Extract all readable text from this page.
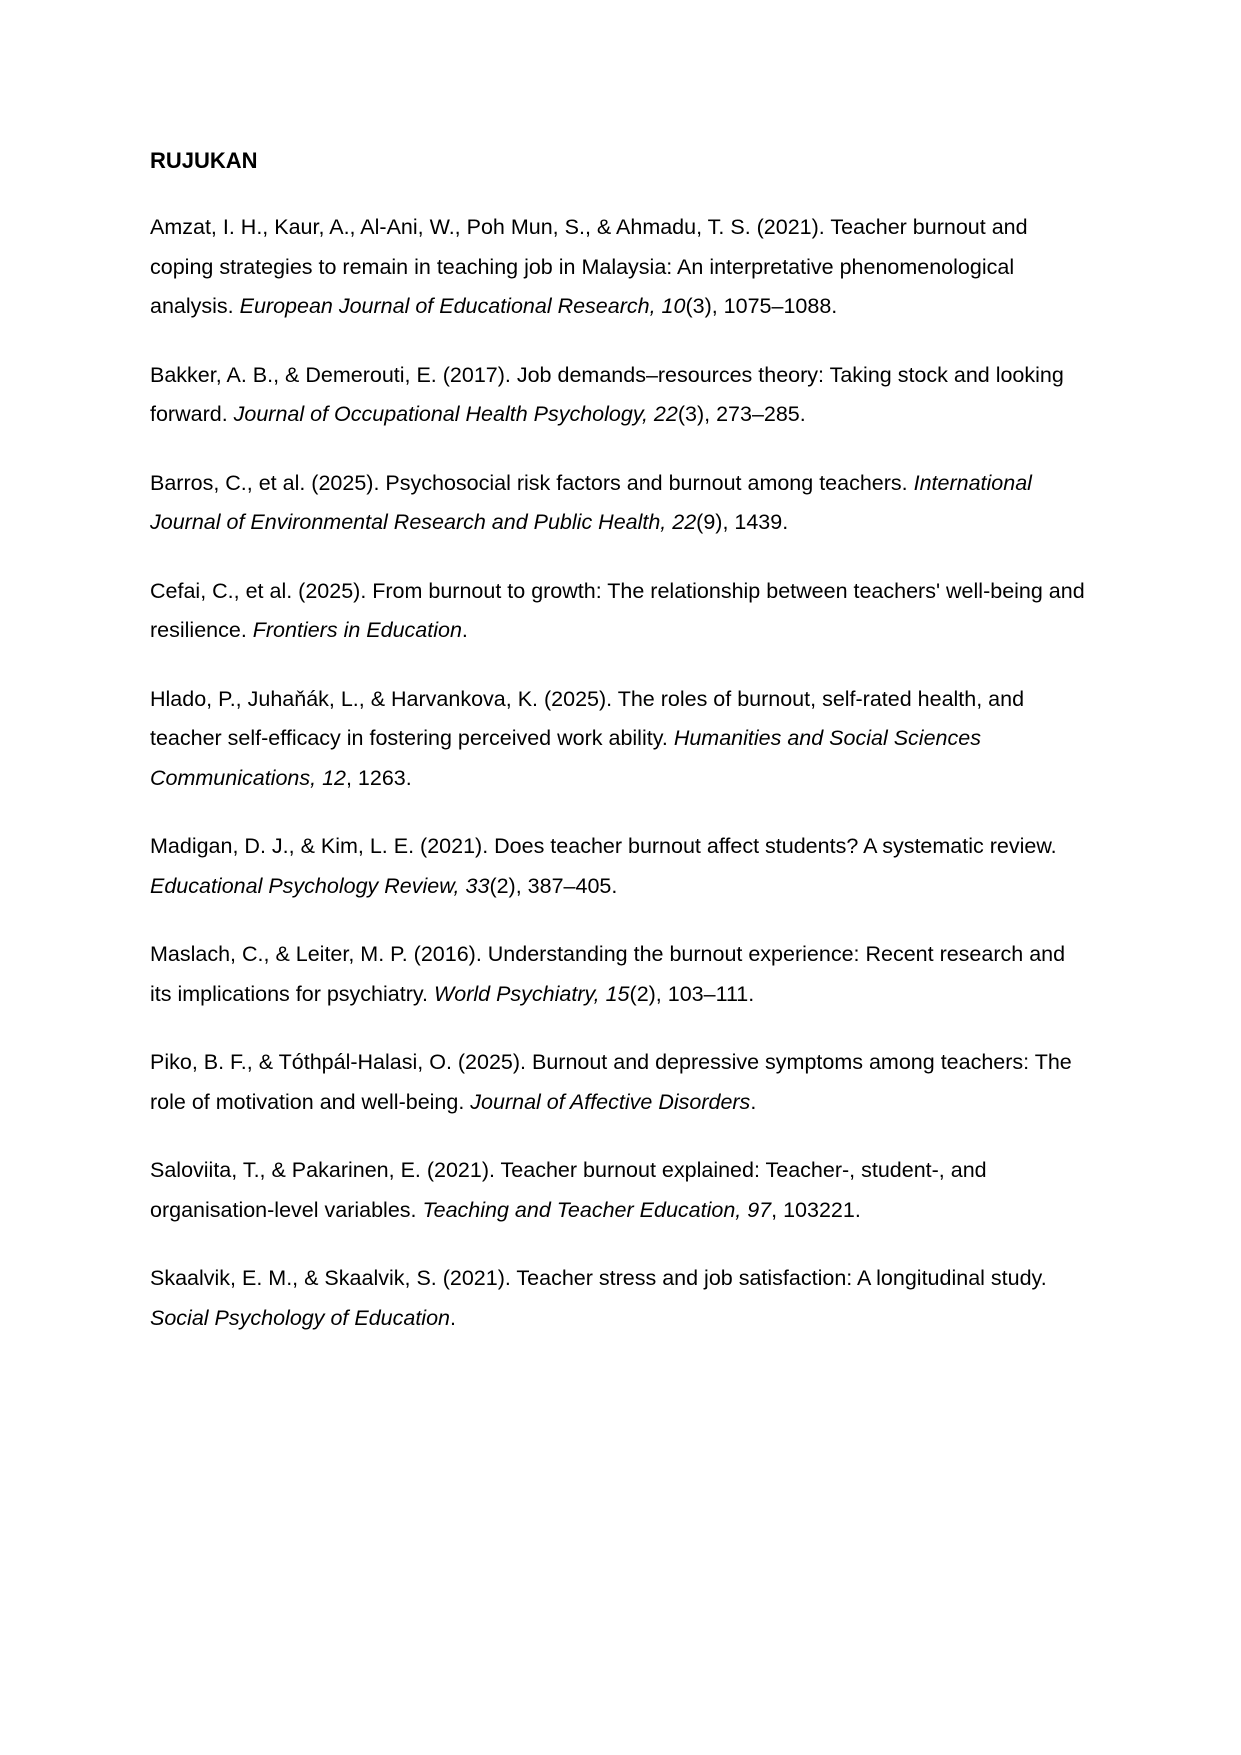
RUJUKAN
Amzat, I. H., Kaur, A., Al-Ani, W., Poh Mun, S., & Ahmadu, T. S. (2021). Teacher burnout and coping strategies to remain in teaching job in Malaysia: An interpretative phenomenological analysis. European Journal of Educational Research, 10(3), 1075–1088.
Bakker, A. B., & Demerouti, E. (2017). Job demands–resources theory: Taking stock and looking forward. Journal of Occupational Health Psychology, 22(3), 273–285.
Barros, C., et al. (2025). Psychosocial risk factors and burnout among teachers. International Journal of Environmental Research and Public Health, 22(9), 1439.
Cefai, C., et al. (2025). From burnout to growth: The relationship between teachers' well-being and resilience. Frontiers in Education.
Hlado, P., Juhaňák, L., & Harvankova, K. (2025). The roles of burnout, self-rated health, and teacher self-efficacy in fostering perceived work ability. Humanities and Social Sciences Communications, 12, 1263.
Madigan, D. J., & Kim, L. E. (2021). Does teacher burnout affect students? A systematic review. Educational Psychology Review, 33(2), 387–405.
Maslach, C., & Leiter, M. P. (2016). Understanding the burnout experience: Recent research and its implications for psychiatry. World Psychiatry, 15(2), 103–111.
Piko, B. F., & Tóthpál-Halasi, O. (2025). Burnout and depressive symptoms among teachers: The role of motivation and well-being. Journal of Affective Disorders.
Saloviita, T., & Pakarinen, E. (2021). Teacher burnout explained: Teacher-, student-, and organisation-level variables. Teaching and Teacher Education, 97, 103221.
Skaalvik, E. M., & Skaalvik, S. (2021). Teacher stress and job satisfaction: A longitudinal study. Social Psychology of Education.
